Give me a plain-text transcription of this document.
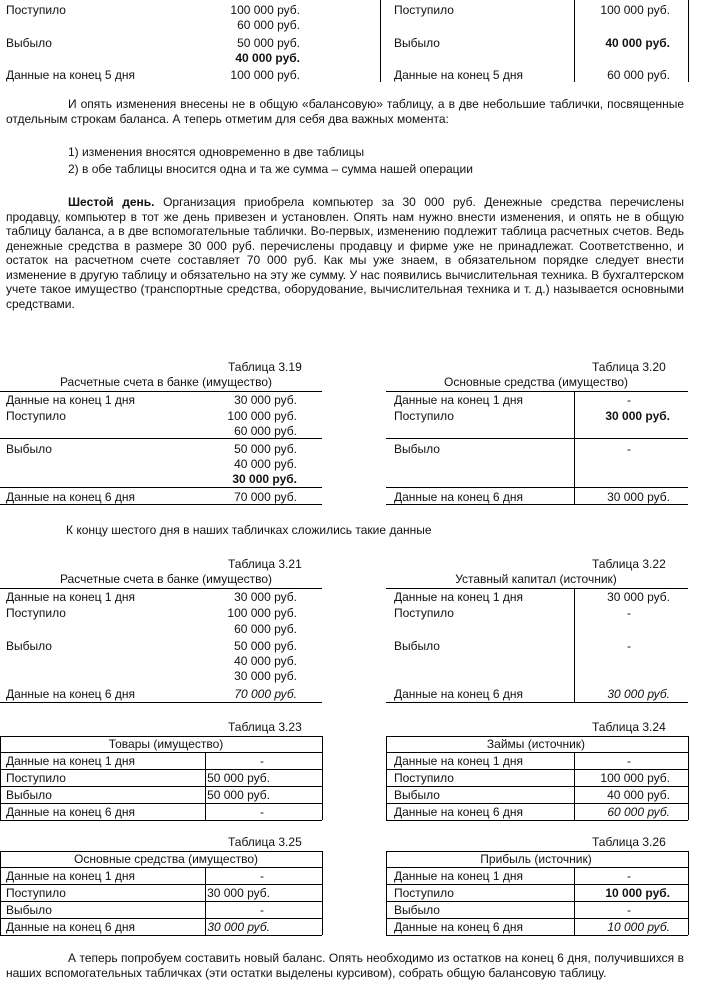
Поступило	100 000 руб.
60 000 руб.
Выбыло	50 000 руб.
40 000 руб.
Данные на конец 5 дня	100 000 руб.
Поступило	100 000 руб.
Выбыло	40 000 руб.
Данные на конец 5 дня	60 000 руб.
И опять изменения внесены не в общую «балансовую» таблицу, а в две небольшие таблички, посвященные отдельным строкам баланса. А теперь отметим для себя два важных момента:
1) изменения вносятся одновременно в две таблицы
2) в обе таблицы вносится одна и та же сумма – сумма нашей операции
Шестой день. Организация приобрела компьютер за 30 000 руб. Денежные средства перечислены продавцу, компьютер в тот же день привезен и установлен. Опять нам нужно внести изменения, и опять не в общую таблицу баланса, а в две вспомогательные таблички. Во-первых, изменению подлежит таблица расчетных счетов. Ведь денежные средства в размере 30 000 руб. перечислены продавцу и фирме уже не принадлежат. Соответственно, и остаток на расчетном счете составляет 70 000 руб. Как мы уже знаем, в обязательном порядке следует внести изменение в другую таблицу и обязательно на эту же сумму. У нас появились вычислительная техника. В бухгалтерском учете такое имущество (транспортные средства, оборудование, вычислительная техника и т. д.) называется основными средствами.
Таблица 3.19
Расчетные счета в банке (имущество)
Данные на конец 1 дня	30 000 руб.
Поступило	100 000 руб.
60 000 руб.
Выбыло	50 000 руб.
40 000 руб.
30 000 руб.
Данные на конец 6 дня	70 000 руб.
Таблица 3.20
Основные средства (имущество)
Данные на конец 1 дня	-
Поступило	30 000 руб.
Выбыло	-
Данные на конец 6 дня	30 000 руб.
К концу шестого дня в наших табличках сложились такие данные
Таблица 3.21
Расчетные счета в банке (имущество)
Данные на конец 1 дня	30 000 руб.
Поступило	100 000 руб.
60 000 руб.
Выбыло	50 000 руб.
40 000 руб.
30 000 руб.
Данные на конец 6 дня	70 000 руб.
Таблица 3.22
Уставный капитал (источник)
Данные на конец 1 дня	30 000 руб.
Поступило	-
Выбыло	-
Данные на конец 6 дня	30 000 руб.
Таблица 3.23
Товары (имущество)
Данные на конец 1 дня	-
Поступило	50 000 руб.
Выбыло	50 000 руб.
Данные на конец 6 дня	-
Таблица 3.24
Займы (источник)
Данные на конец 1 дня	-
Поступило	100 000 руб.
Выбыло	40 000 руб.
Данные на конец 6 дня	60 000 руб.
Таблица 3.25
Основные средства (имущество)
Данные на конец 1 дня	-
Поступило	30 000 руб.
Выбыло	-
Данные на конец 6 дня	30 000 руб.
Таблица 3.26
Прибыль (источник)
Данные на конец 1 дня	-
Поступило	10 000 руб.
Выбыло	-
Данные на конец 6 дня	10 000 руб.
А теперь попробуем составить новый баланс. Опять необходимо из остатков на конец 6 дня, получившихся в наших вспомогательных табличках (эти остатки выделены курсивом), собрать общую балансовую таблицу.
